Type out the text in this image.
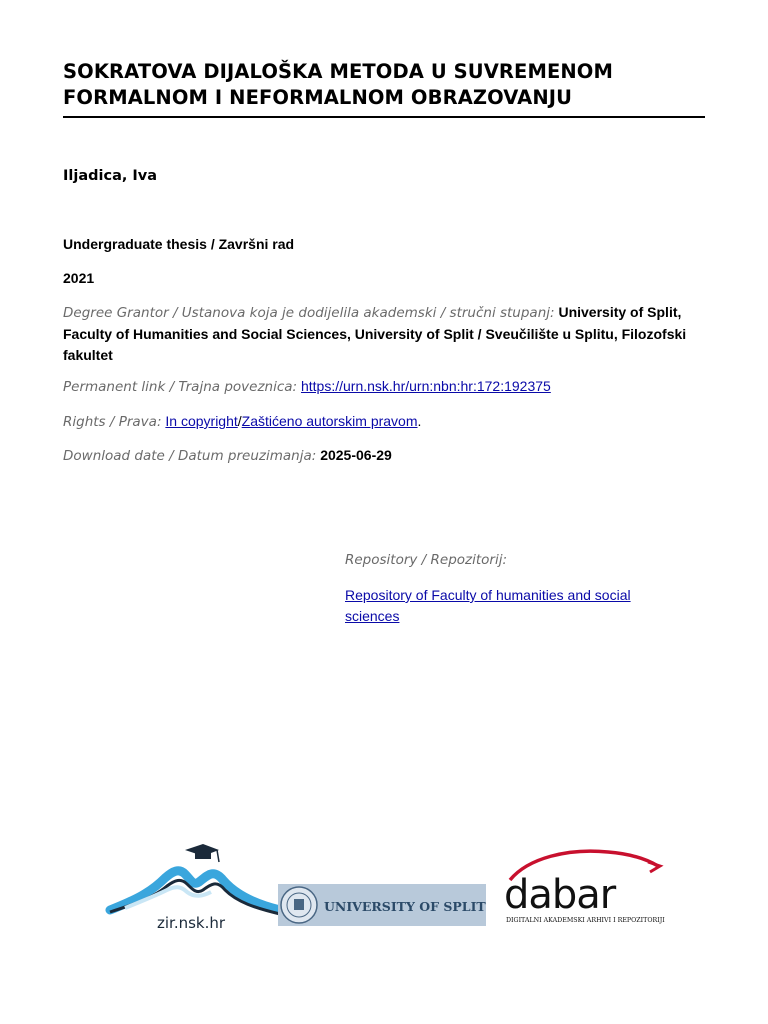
SOKRATOVA DIJALOŠKA METODA U SUVREMENOM FORMALNOM I NEFORMALNOM OBRAZOVANJU
Iljadica, Iva
Undergraduate thesis / Završni rad
2021
Degree Grantor / Ustanova koja je dodijelila akademski / stručni stupanj: University of Split, Faculty of Humanities and Social Sciences, University of Split / Sveučilište u Splitu, Filozofski fakultet
Permanent link / Trajna poveznica: https://urn.nsk.hr/urn:nbn:hr:172:192375
Rights / Prava: In copyright/Zaštićeno autorskim pravom.
Download date / Datum preuzimanja: 2025-06-29
Repository / Repozitorij:
Repository of Faculty of humanities and social sciences
zir.nsk.hr
UNIVERSITY OF SPLIT dabar
DIGITALNI AKADEMSKI ARHIVI I REPOZITORIJI
